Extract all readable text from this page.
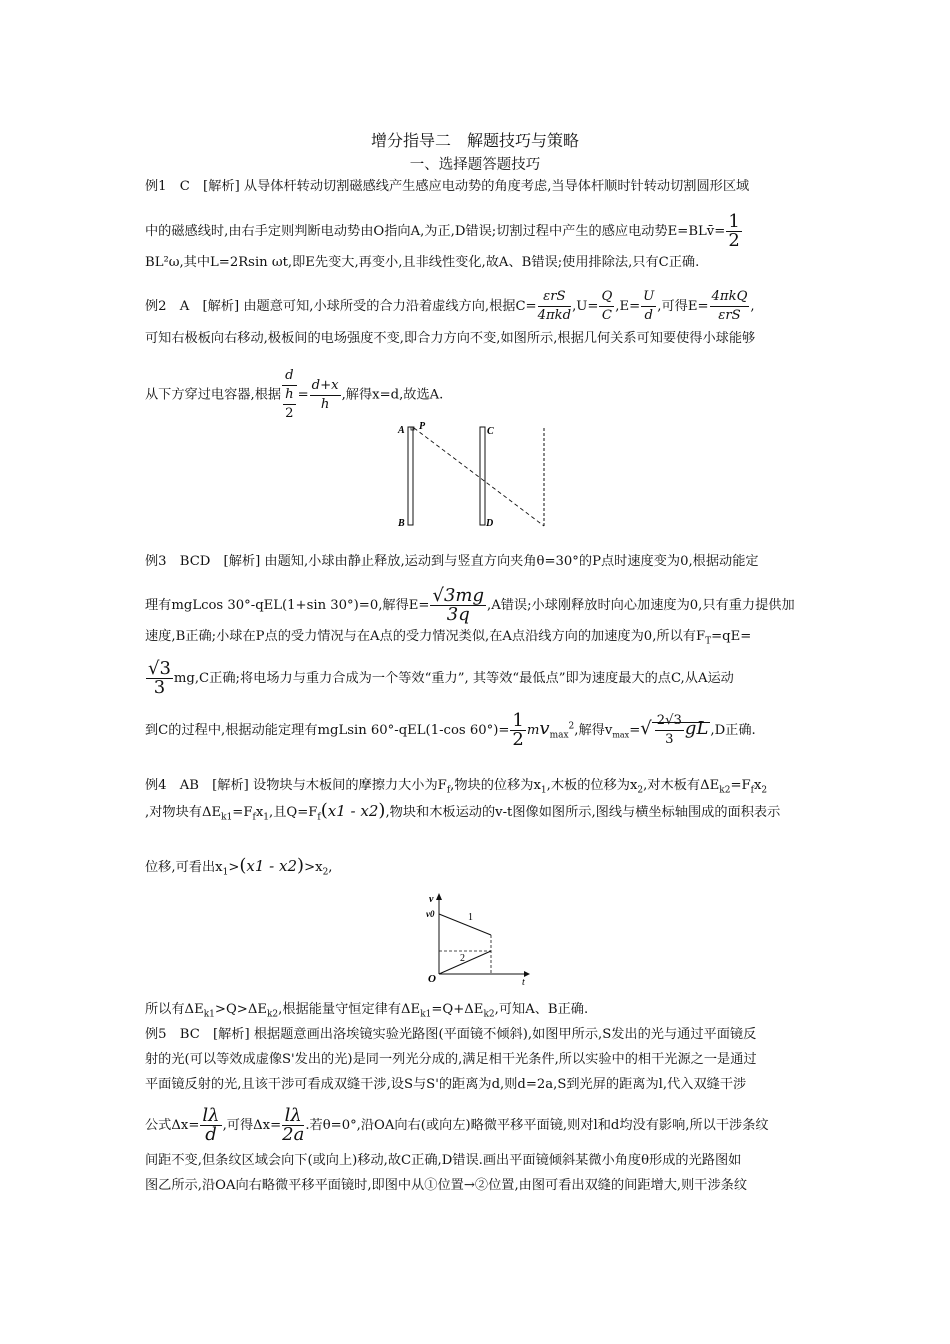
增分指导二　解题技巧与策略
一、选择题答题技巧
例1　C　[解析] 从导体杆转动切割磁感线产生感应电动势的角度考虑,当导体杆顺时针转动切割圆形区域
中的磁感线时,由右手定则判断电动势由O指向A,为正,D错误;切割过程中产生的感应电动势E=BLv̄= $\frac{1}{2}$
BL²ω,其中L=2Rsin ωt,即E先变大,再变小,且非线性变化,故A、B错误;使用排除法,只有C正确.
例2　A　[解析] 由题意可知,小球所受的合力沿着虚线方向,根据$C= \frac{\text{εrS}}{\text{4πkd}} ,U= \frac{Q}{C} ,E= \frac{U}{d}$ ,可得$E= \frac{\text{4πkQ}}{\text{εrS}}$ ,
可知右极板向右移动,极板间的电场强度不变,即合力方向不变,如图所示,根据几何关系可知要使得小球能够
从下方穿过电容器,根据 $\frac{d}{\frac{h}{2}} = \frac{d+x}{h}$ ,解得x=d,故选A.
A P
B
C
D
例3　BCD　[解析] 由题知,小球由静止释放,运动到与竖直方向夹角θ=30°的P点时速度变为0,根据动能定
理有mgLcos 30°-qEL(1+sin 30°)=0,解得$E= \frac{√3mg}{3q} ,A$错误;小球刚释放时向心加速度为0,只有重力提供加
速度,B正确;小球在P点的受力情况与在A点的受力情况类似,在A点沿线方向的加速度为0,所以有$F_T=qE=$
$\frac{√3}{3} mg,C$正确;将电场力与重力合成为一个等效“重力”, 其等效“最低点”即为速度最大的点C,从A运动
到C的过程中,根据动能定理有mgLsin 60°-qEL(1-cos $60^\circ)= \frac{1}{2} mv_{max}^2$,解得$v_{max}=√ \frac{2√3}{3}$ gL ,D正确.
例4　AB　[解析] 设物块与木板间的摩擦力大小为$F_f$,物块的位移为$x_1$,木板的位移为$x_2$,对木板有$\Delta E_{k2}=F_fx_2$
,对物块有$\Delta E_{k1}=F_fx_1$,且$Q=F_f(x1 - x2)$,物块和木板运动的v-t图像如图所示,图线与横坐标轴围成的面积表示
位移,可看出$x_1>(x1 - x2)>x_2$,
v
v0
O	t
1
2
所以有$\Delta E_{k1}>Q>\Delta E_{k2}$,根据能量守恒定律有$\Delta E_{k1}=Q+\Delta E_{k2}$,可知A、B正确.
例5　BC　[解析] 根据题意画出洛埃镜实验光路图(平面镜不倾斜),如图甲所示,S发出的光与通过平面镜反
射的光(可以等效成虚像S'发出的光)是同一列光分成的,满足相干光条件,所以实验中的相干光源之一是通过
平面镜反射的光,且该干涉可看成双缝干涉,设S与S'的距离为d,则d=2a,S到光屏的距离为l,代入双缝干涉
公式$\Delta x= \frac{l\lambda}{d}$ ,可得$\Delta x= \frac{l\lambda}{2a}$ .若θ=0°,沿OA向右(或向左)略微平移平面镜,则对l和d均没有影响,所以干涉条纹
间距不变,但条纹区域会向下(或向上)移动,故C正确,D错误.画出平面镜倾斜某微小角度θ形成的光路图如
图乙所示,沿OA向右略微平移平面镜时,即图中从①位置→②位置,由图可看出双缝的间距增大,则干涉条纹
